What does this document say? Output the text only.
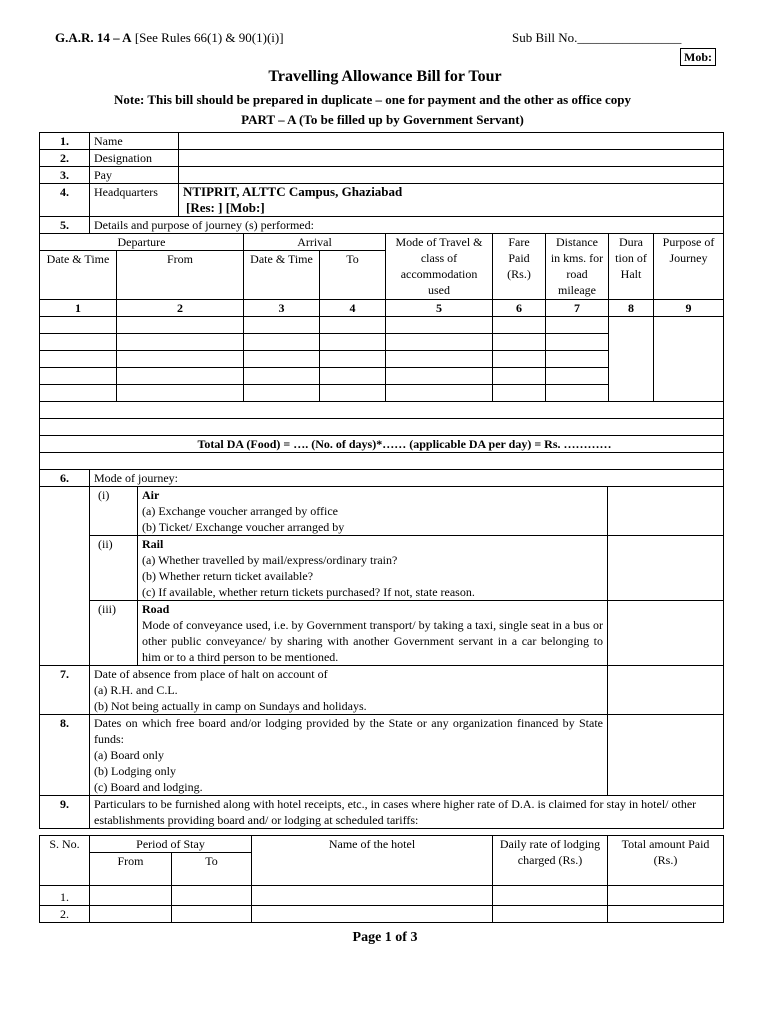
G.A.R. 14 – A [See Rules 66(1) & 90(1)(i)]	Sub Bill No.________________
Mob:
Travelling Allowance Bill for Tour
Note: This bill should be prepared in duplicate – one for payment and the other as office copy
PART – A (To be filled up by Government Servant)
1.	Name	
2.	Designation	
3.	Pay	
4.	Headquarters	NTIPRIT, ALTTC Campus, Ghaziabad
[Res: ] [Mob:]

5.	Details and purpose of journey (s) performed:	
Departure		Arrival		Mode of Travel & class of accommodation used	Fare Paid (Rs.)	Distance in kms. for road mileage	Dura tion of Halt	Purpose of Journey
Date & Time	From	Date & Time	To					
1	2	3	4	5	6	7	8	9

Total DA (Food) = …. (No. of days)*…… (applicable DA per day) = Rs. …………								

6.	Mode of journey:		
	(i)	Air
(a) Exchange voucher arranged by office
(b) Ticket/ Exchange voucher arranged by	

	(ii)	Rail
(a) Whether travelled by mail/express/ordinary train?
(b) Whether return ticket available?
(c) If available, whether return tickets purchased? If not, state reason.	

	(iii)	Road
Mode of conveyance used, i.e. by Government transport/ by taking a taxi, single seat in a bus or other public conveyance/ by sharing with another Government servant in a car belonging to him or to a third person to be mentioned.	

7.	Date of absence from place of halt on account of
(a) R.H. and C.L.
(b) Not being actually in camp on Sundays and holidays.		

8.	Dates on which free board and/or lodging provided by the State or any organization financed by State funds:
(a) Board only
(b) Lodging only
(c) Board and lodging.		

9.	Particulars to be furnished along with hotel receipts, etc., in cases where higher rate of D.A. is claimed for stay in hotel/ other establishments providing board and/ or lodging at scheduled tariffs:		
S. No.	Period of Stay		Name of the hotel	Daily rate of lodging charged (Rs.)	Total amount Paid (Rs.)
	From	To			
1.					
2.					
Page 1 of 3
